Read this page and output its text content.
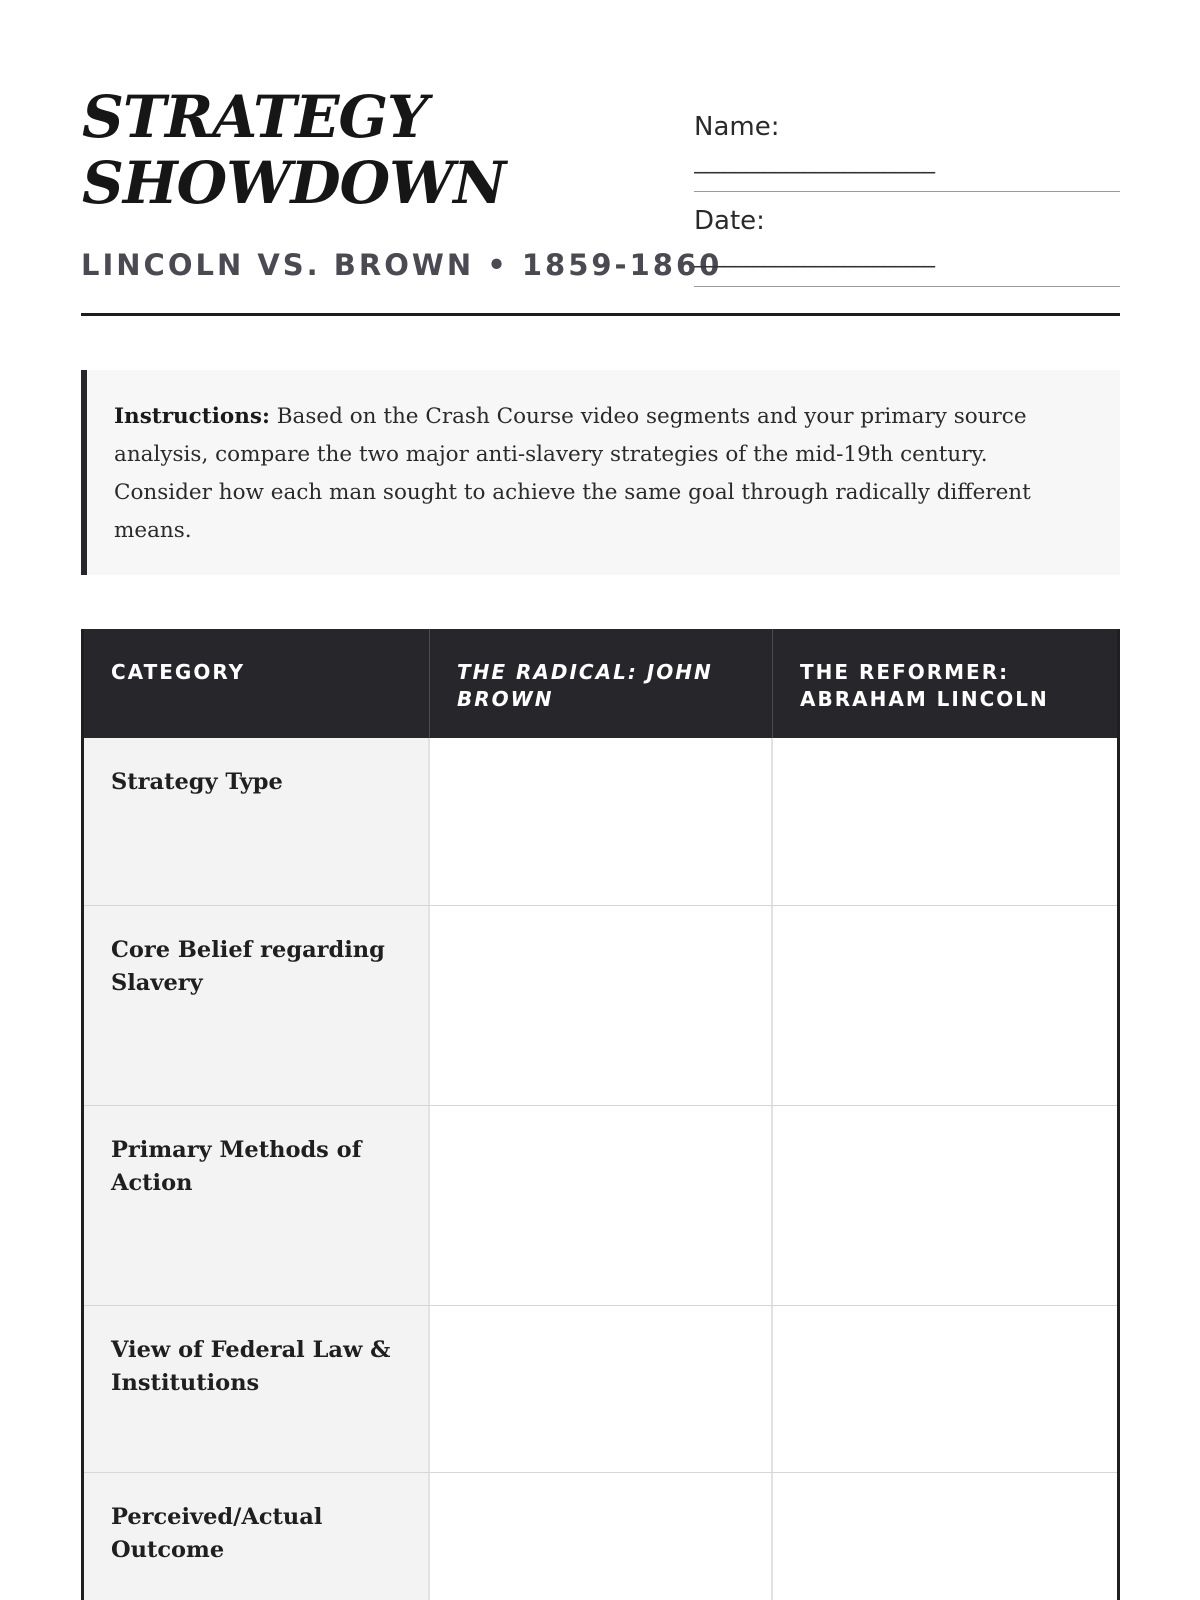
STRATEGY
SHOWDOWN
LINCOLN VS. BROWN • 1859-1860
Name:
________________________
Date:
________________________
Instructions: Based on the Crash Course video segments and your primary source analysis, compare the two major anti-slavery strategies of the mid-19th century. Consider how each man sought to achieve the same goal through radically different means.
CATEGORY	THE RADICAL: JOHN BROWN
THE REFORMER: ABRAHAM LINCOLN
Strategy Type
Core Belief regarding Slavery
Primary Methods of Action
View of Federal Law & Institutions
Perceived/Actual Outcome
